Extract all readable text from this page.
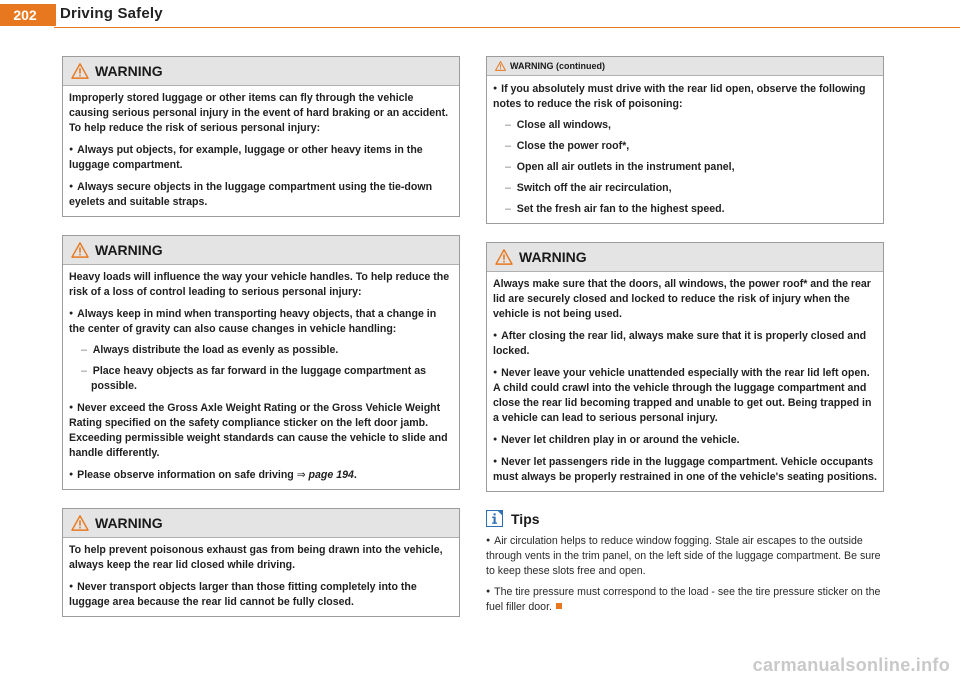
202	Driving Safely
WARNING

Improperly stored luggage or other items can fly through the vehicle causing serious personal injury in the event of hard braking or an accident. To help reduce the risk of serious personal injury:

●  Always put objects, for example, luggage or other heavy items in the luggage compartment.

●  Always secure objects in the luggage compartment using the tie-down eyelets and suitable straps.

WARNING

Heavy loads will influence the way your vehicle handles. To help reduce the risk of a loss of control leading to serious personal injury:

●  Always keep in mind when transporting heavy objects, that a change in the center of gravity can also cause changes in vehicle handling:

–  Always distribute the load as evenly as possible.

–  Place heavy objects as far forward in the luggage compartment as possible.

●  Never exceed the Gross Axle Weight Rating or the Gross Vehicle Weight Rating specified on the safety compliance sticker on the left door jamb. Exceeding permissible weight standards can cause the vehicle to slide and handle differently.

●  Please observe information on safe driving ⇒ page 194.

WARNING

To help prevent poisonous exhaust gas from being drawn into the vehicle, always keep the rear lid closed while driving.

●  Never transport objects larger than those fitting completely into the luggage area because the rear lid cannot be fully closed.

WARNING (continued)

●  If you absolutely must drive with the rear lid open, observe the following notes to reduce the risk of poisoning:

–  Close all windows,

–  Close the power roof*,

–  Open all air outlets in the instrument panel,

–  Switch off the air recirculation,

–  Set the fresh air fan to the highest speed.

WARNING

Always make sure that the doors, all windows, the power roof* and the rear lid are securely closed and locked to reduce the risk of injury when the vehicle is not being used.

●  After closing the rear lid, always make sure that it is properly closed and locked.

●  Never leave your vehicle unattended especially with the rear lid left open. A child could crawl into the vehicle through the luggage compartment and close the rear lid becoming trapped and unable to get out. Being trapped in a vehicle can lead to serious personal injury.

●  Never let children play in or around the vehicle.

●  Never let passengers ride in the luggage compartment. Vehicle occupants must always be properly restrained in one of the vehicle's seating positions.

Tips

●  Air circulation helps to reduce window fogging. Stale air escapes to the outside through vents in the trim panel, on the left side of the luggage compartment. Be sure to keep these slots free and open.

●  The tire pressure must correspond to the load - see the tire pressure sticker on the fuel filler door.

carmanualsonline.info
